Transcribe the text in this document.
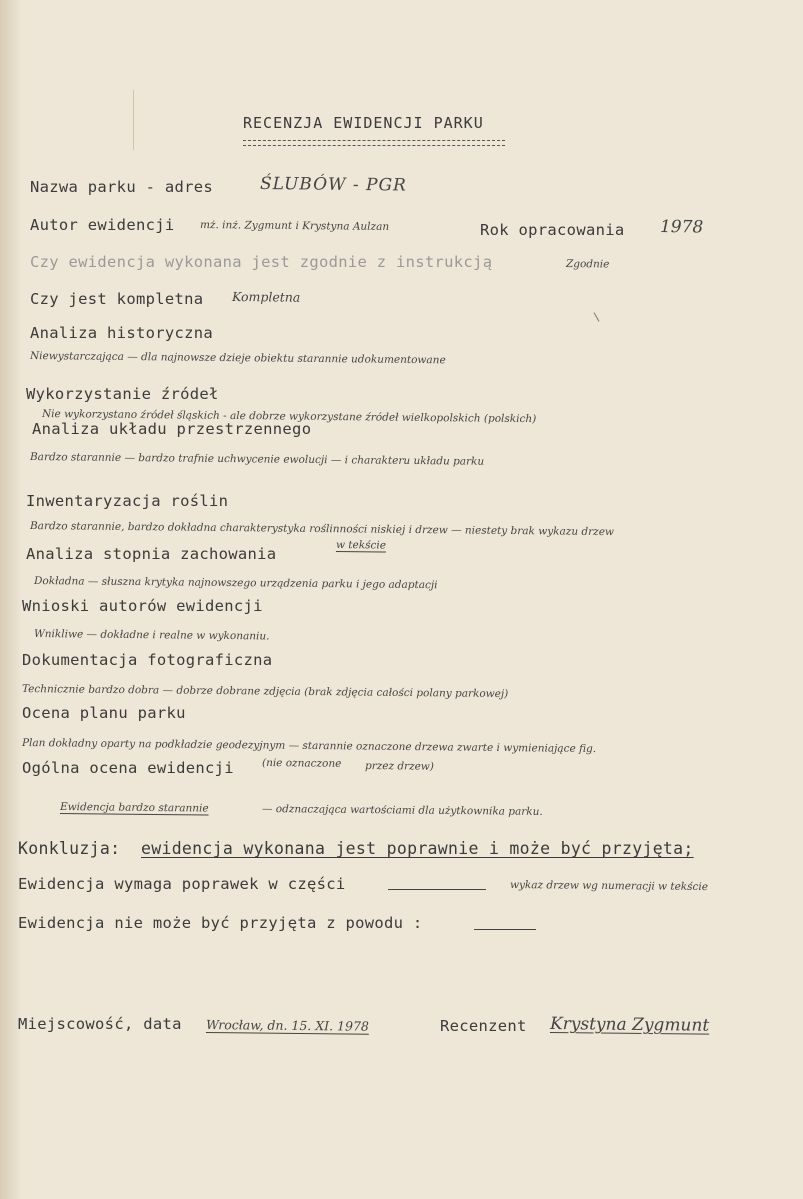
RECENZJA EWIDENCJI PARKU
Nazwa parku - adres	ŚLUBÓW - PGR
Autor ewidencji mż. inż. Zygmunt i Krystyna Aulzan	Rok opracowania 1978
Czy ewidencja wykonana jest zgodnie z instrukcją	Zgodnie
Czy jest kompletna Kompletna
Analiza historyczna
Niewystarczająca — dla najnowsze dzieje obiektu starannie udokumentowane
Wykorzystanie źródeł
Nie wykorzystano źródeł śląskich - ale dobrze wykorzystane źródeł wielkopolskich (polskich)
Analiza układu przestrzennego
Bardzo starannie — bardzo trafnie uchwycenie ewolucji — i charakteru układu parku
Inwentaryzacja roślin
Bardzo starannie, bardzo dokładna charakterystyka roślinności niskiej i drzew — niestety brak wykazu drzew
w tekście
Analiza stopnia zachowania
Dokładna — słuszna krytyka najnowszego urządzenia parku i jego adaptacji
Wnioski autorów ewidencji
Wnikliwe — dokładne i realne w wykonaniu.
Dokumentacja fotograficzna
Technicznie bardzo dobra — dobrze dobrane zdjęcia (brak zdjęcia całości polany parkowej)
Ocena planu parku
Plan dokładny oparty na podkładzie geodezyjnym — starannie oznaczone drzewa zwarte i wymieniające fig.
Ogólna ocena ewidencji	(nie oznaczone przez drzew)
Ewidencja bardzo starannie	— odznaczająca wartościami dla użytkownika parku.
Konkluzja: ewidencja wykonana jest poprawnie i może być przyjęta;
Ewidencja wymaga poprawek w części	wykaz drzew wg numeracji w tekście
Ewidencja nie może być przyjęta z powodu :
Miejscowość, data Wrocław, dn. 15. XI. 1978	Recenzent Krystyna Zygmunt
